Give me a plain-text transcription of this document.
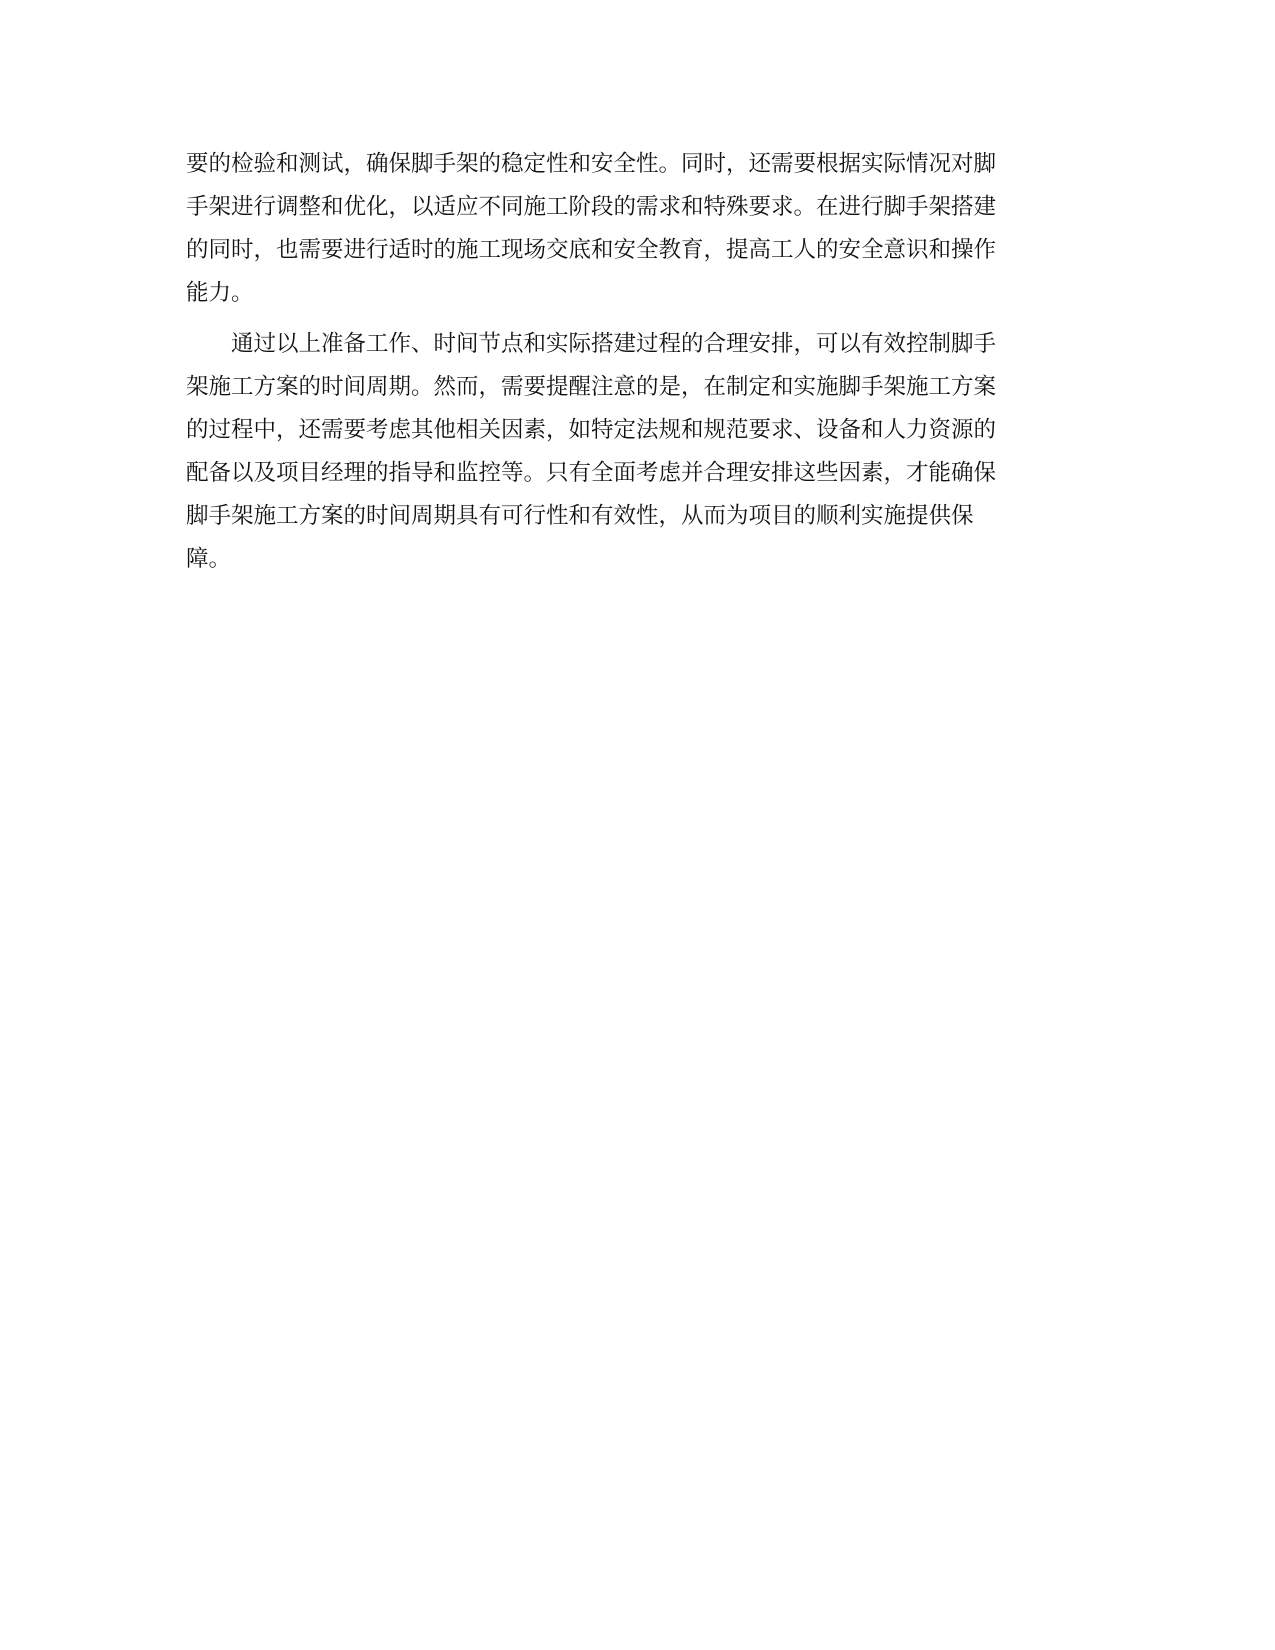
要的检验和测试，确保脚手架的稳定性和安全性。同时，还需要根据实际情况对脚
手架进行调整和优化，以适应不同施工阶段的需求和特殊要求。在进行脚手架搭建
的同时，也需要进行适时的施工现场交底和安全教育，提高工人的安全意识和操作
能力。
通过以上准备工作、时间节点和实际搭建过程的合理安排，可以有效控制脚手
架施工方案的时间周期。然而，需要提醒注意的是，在制定和实施脚手架施工方案
的过程中，还需要考虑其他相关因素，如特定法规和规范要求、设备和人力资源的
配备以及项目经理的指导和监控等。只有全面考虑并合理安排这些因素，才能确保
脚手架施工方案的时间周期具有可行性和有效性，从而为项目的顺利实施提供保
障。
